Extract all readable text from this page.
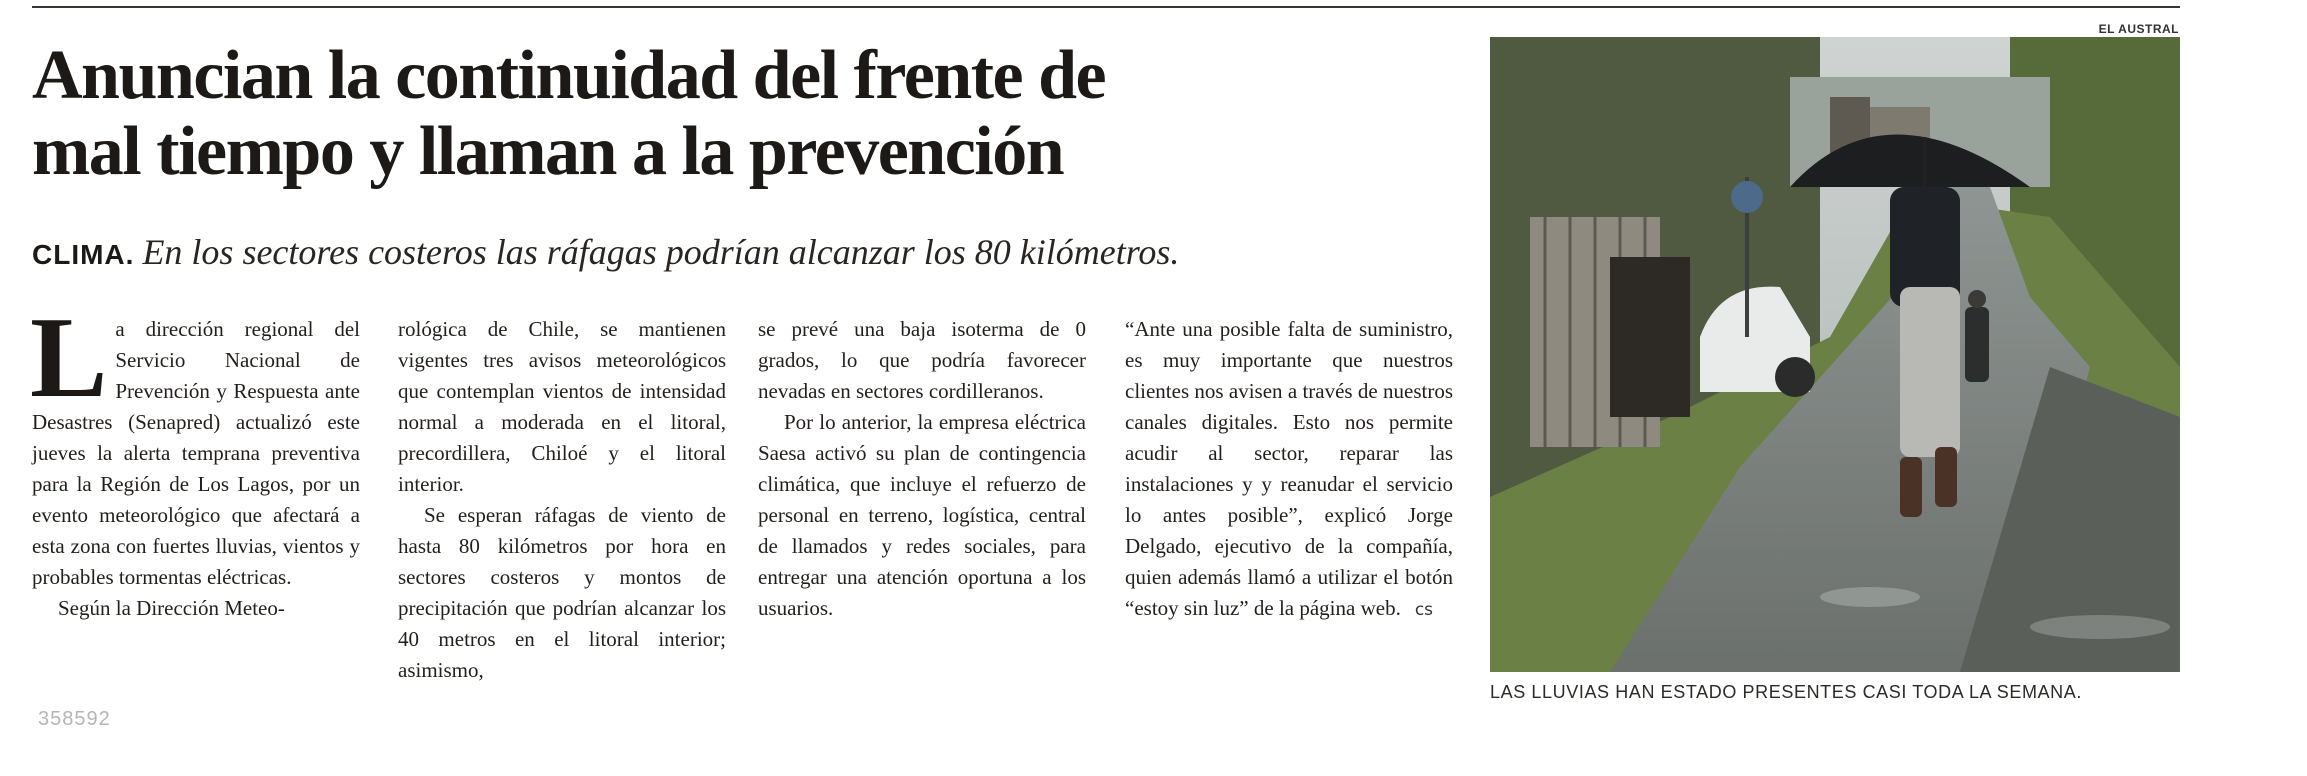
Anuncian la continuidad del frente de
mal tiempo y llaman a la prevención
CLIMA. En los sectores costeros las ráfagas podrían alcanzar los 80 kilómetros.

La dirección regional del Servicio Nacional de Prevención y Respuesta ante Desastres (Senapred) actualizó este jueves la alerta temprana preventiva para la Región de Los Lagos, por un evento meteorológico que afectará a esta zona con fuertes lluvias, vientos y probables tormentas eléctricas.

Según la Dirección Meteo-

rológica de Chile, se mantienen vigentes tres avisos meteorológicos que contemplan vientos de intensidad normal a moderada en el litoral, precordillera, Chiloé y el litoral interior.

Se esperan ráfagas de viento de hasta 80 kilómetros por hora en sectores costeros y montos de precipitación que podrían alcanzar los 40 metros en el litoral interior; asimismo,

se prevé una baja isoterma de 0 grados, lo que podría favorecer nevadas en sectores cordilleranos.

Por lo anterior, la empresa eléctrica Saesa activó su plan de contingencia climática, que incluye el refuerzo de personal en terreno, logística, central de llamados y redes sociales, para entregar una atención oportuna a los usuarios.

“Ante una posible falta de suministro, es muy importante que nuestros clientes nos avisen a través de nuestros canales digitales. Esto nos permite acudir al sector, reparar las instalaciones y y reanudar el servicio lo antes posible”, explicó Jorge Delgado, ejecutivo de la compañía, quien además llamó a utilizar el botón “estoy sin luz” de la página web. cs

EL AUSTRAL
LAS LLUVIAS HAN ESTADO PRESENTES CASI TODA LA SEMANA.
358592
